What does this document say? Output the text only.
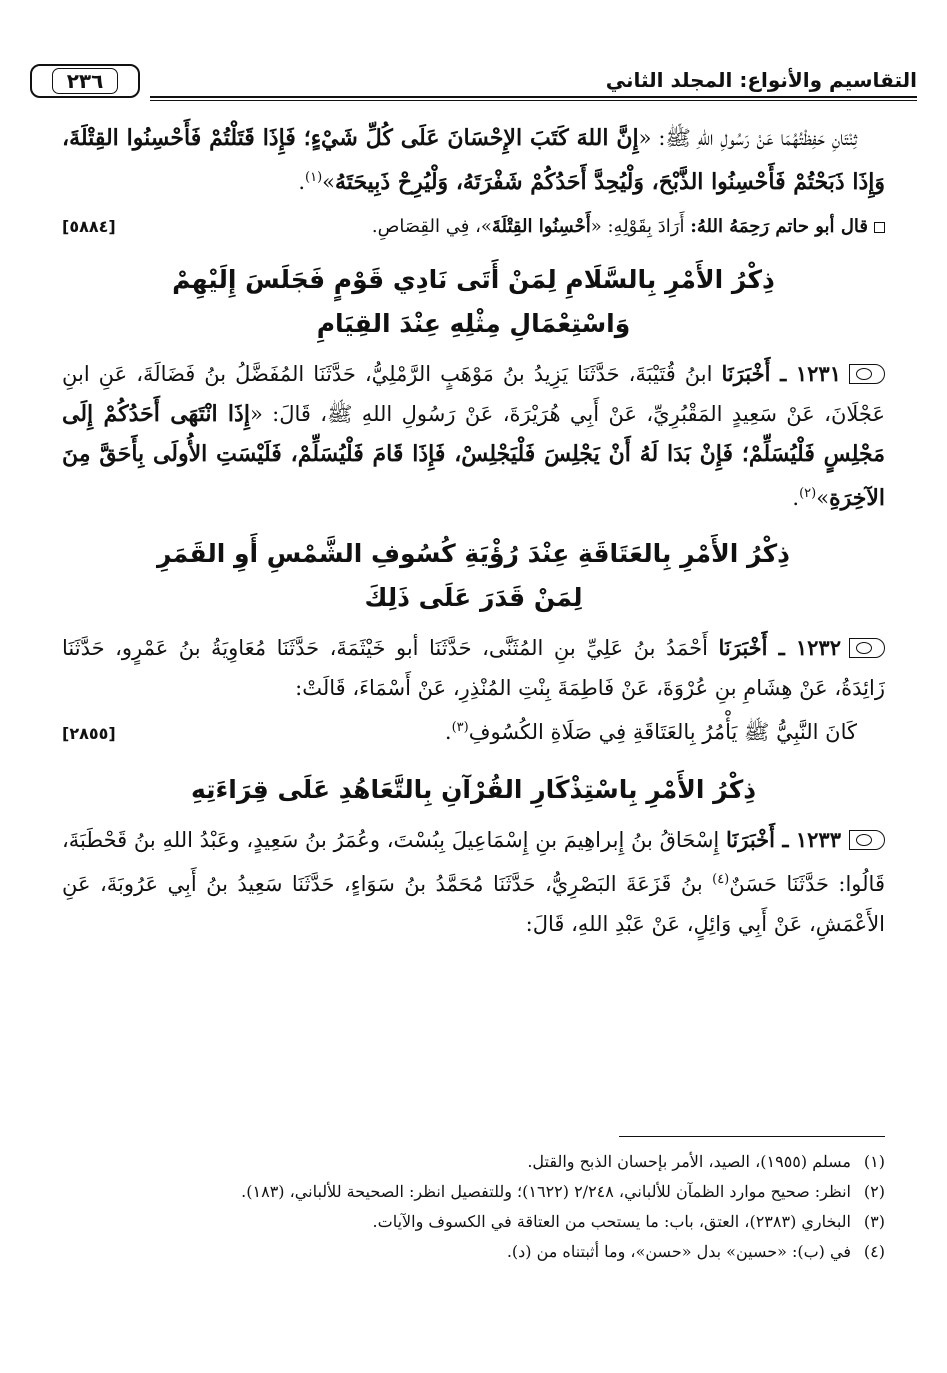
التقاسيم والأنواع: المجلد الثاني
٢٣٦

ثِنْتَانِ حَفِظْتُهُمَا عَنْ رَسُولِ اللهِ ﷺ: «إِنَّ اللهَ كَتَبَ الإِحْسَانَ عَلَى كُلِّ شَيْءٍ؛ فَإِذَا قَتَلْتُمْ فَأَحْسِنُوا القِتْلَةَ، وَإِذَا ذَبَحْتُمْ فَأَحْسِنُوا الذَّبْحَ، وَلْيُحِدَّ أَحَدُكُمْ شَفْرَتَهُ، وَلْيُرِحْ ذَبِيحَتَهُ»$^{(١)}$.

قال أبو حاتم رَحِمَهُ اللهُ: أَرَادَ بِقَوْلِهِ: «أَحْسِنُوا القِتْلَةَ»، فِي القِصَاصِ.
[٥٨٨٤]
ذِكْرُ الأَمْرِ بِالسَّلَامِ لِمَنْ أَتَى نَادِي قَوْمٍ فَجَلَسَ إِلَيْهِمْ
وَاسْتِعْمَالِ مِثْلِهِ عِنْدَ القِيَامِ

١٢٣١ ـ أَخْبَرَنَا ابنُ قُتَيْبَةَ، حَدَّثَنَا يَزِيدُ بنُ مَوْهَبٍ الرَّمْلِيُّ، حَدَّثَنَا المُفَضَّلُ بنُ فَضَالَةَ، عَنِ ابنِ عَجْلَانَ، عَنْ سَعِيدٍ المَقْبُرِيِّ، عَنْ أَبِي هُرَيْرَةَ، عَنْ رَسُولِ اللهِ ﷺ، قَالَ: «إِذَا انْتَهَى أَحَدُكُمْ إِلَى مَجْلِسٍ فَلْيُسَلِّمْ؛ فَإِنْ بَدَا لَهُ أَنْ يَجْلِسَ فَلْيَجْلِسْ، فَإِذَا قَامَ فَلْيُسَلِّمْ، فَلَيْسَتِ الأُولَى بِأَحَقَّ مِنَ الآخِرَةِ»$^{(٢)}$.

ذِكْرُ الأَمْرِ بِالعَتَاقَةِ عِنْدَ رُؤْيَةِ كُسُوفِ الشَّمْسِ أَوِ القَمَرِ
لِمَنْ قَدَرَ عَلَى ذَلِكَ

١٢٣٢ ـ أَخْبَرَنَا أَحْمَدُ بنُ عَلِيِّ بنِ المُثَنَّى، حَدَّثَنَا أبو خَيْثَمَةَ، حَدَّثَنَا مُعَاوِيَةُ بنُ عَمْرٍو، حَدَّثَنَا زَائِدَةُ، عَنْ هِشَامِ بنِ عُرْوَةَ، عَنْ فَاطِمَةَ بِنْتِ المُنْذِرِ، عَنْ أَسْمَاءَ، قَالَتْ:

كَانَ النَّبِيُّ ﷺ يَأْمُرُ بِالعَتَاقَةِ فِي صَلَاةِ الكُسُوفِ$^{(٣)}$.
[٢٨٥٥]
ذِكْرُ الأَمْرِ بِاسْتِذْكَارِ القُرْآنِ بِالتَّعَاهُدِ عَلَى قِرَاءَتِهِ

١٢٣٣ ـ أَخْبَرَنَا إِسْحَاقُ بنُ إِبراهِيمَ بنِ إِسْمَاعِيلَ بِبُسْتَ، وعُمَرُ بنُ سَعِيدٍ، وعَبْدُ اللهِ بنُ قَحْطَبَةَ، قَالُوا: حَدَّثَنَا حَسَنٌ$^{(٤)}$ بنُ قَزَعَةَ البَصْرِيُّ، حَدَّثَنَا مُحَمَّدُ بنُ سَوَاءٍ، حَدَّثَنَا سَعِيدُ بنُ أَبِي عَرُوبَةَ، عَنِ الأَعْمَشِ، عَنْ أَبِي وَائِلٍ، عَنْ عَبْدِ اللهِ، قَالَ:

(١)
مسلم (١٩٥٥)، الصيد، الأمر بإحسان الذبح والقتل.

(٢)
انظر: صحيح موارد الظمآن للألباني، ٢/٢٤٨ (١٦٢٢)؛ وللتفصيل انظر: الصحيحة للألباني، (١٨٣).

(٣)
البخاري (٢٣٨٣)، العتق، باب: ما يستحب من العتاقة في الكسوف والآيات.

(٤)
في (ب): «حسين» بدل «حسن»، وما أثبتناه من (د).
